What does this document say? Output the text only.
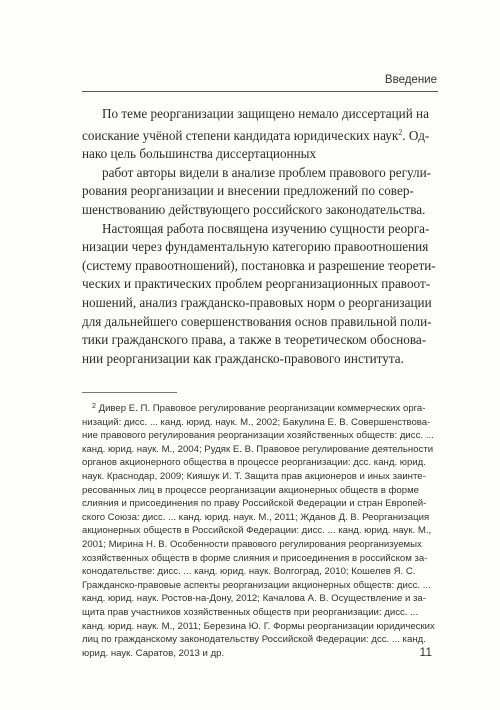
Введение

По теме реорганизации защищено немало диссертаций на
соискание учёной степени кандидата юридических наук$^2$. Од-
нако цель большинства диссертационных
работ авторы видели в анализе проблем правового регули-
рования реорганизации и внесении предложений по совер-
шенствованию действующего российского законодательства.

Настоящая работа посвящена изучению сущности реорга-
низации через фундаментальную категорию правоотношения
(систему правоотношений), постановка и разрешение теорети-
ческих и практических проблем реорганизационных правоот-
ношений, анализ гражданско-правовых норм о реорганизации
для дальнейшего совершенствования основ правильной поли-
тики гражданского права, а также в теоретическом обоснова-
нии реорганизации как гражданско-правового института.

$^2$ Дивер Е. П. Правовое регулирование реорганизации коммерческих орга-
низаций: дисс. ... канд. юрид. наук. М., 2002; Бакулина Е. В. Совершенствова-
ние правового регулирования реорганизации хозяйственных обществ: дисс. ...
канд. юрид. наук. М., 2004; Рудяк Е. В. Правовое регулирование деятельности
органов акционерного общества в процессе реорганизации: дсс. канд. юрид.
наук. Краснодар, 2009; Кияшук И. Т. Защита прав акционеров и иных заинте-
ресованных лиц в процессе реорганизации акционерных обществ в форме
слияния и присоединения по праву Российской Федерации и стран Европей-
ского Союза: дисс. ... канд. юрид. наук. М., 2011; Жданов Д. В. Реорганизация
акционерных обществ в Российской Федерации: дисс. ... канд. юрид. наук. М.,
2001; Мирина Н. В. Особенности правового регулирования реорганизуемых
хозяйственных обществ в форме слияния и присоединения в российском за-
конодательстве: дисс. ... канд. юрид. наук. Волгоград, 2010; Кошелев Я. С.
Гражданско-правовые аспекты реорганизации акционерных обществ: дисс. ...
канд. юрид. наук. Ростов-на-Дону, 2012; Качалова А. В. Осуществление и за-
щита прав участников хозяйственных обществ при реорганизации: дисс. ...
канд. юрид. наук. М., 2011; Березина Ю. Г. Формы реорганизации юридических
лиц по гражданскому законодательству Российской Федерации: дсс. ... канд.
юрид. наук. Саратов, 2013 и др.	11
